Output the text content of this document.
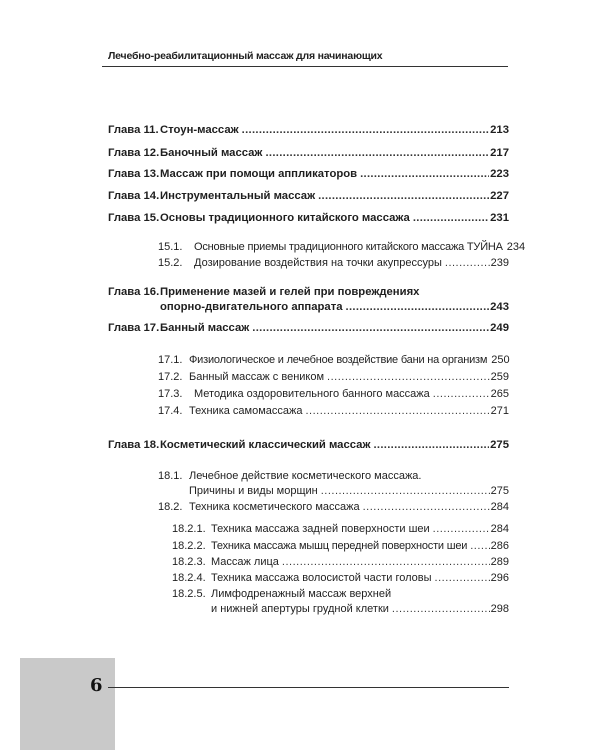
Лечебно-реабилитационный массаж для начинающих
Глава 11. Стоун-массаж .....	213
Глава 12. Баночный массаж .....	217
Глава 13. Массаж при помощи аппликаторов .....	223
Глава 14. Инструментальный массаж .....	227
Глава 15. Основы традиционного китайского массажа .....	231
15.1.	Основные приемы традиционного китайского массажа ТУЙНА 234
15.2.	Дозирование воздействия на точки акупрессуры .....	239
Глава 16. Применение мазей и гелей при повреждениях
опорно-двигательного аппарата .....	243
Глава 17. Банный массаж .....	249
17.1. Физиологическое и лечебное воздействие бани на организм 250
17.2. Банный массаж с веником .....	259
17.3.	Методика оздоровительного банного массажа .....	265
17.4. Техника самомассажа .....	271
Глава 18. Косметический классический массаж .....	275
18.1. Лечебное действие косметического массажа.
Причины и виды морщин .....	275
18.2. Техника косметического массажа .....	284
18.2.1. Техника массажа задней поверхности шеи .....	284
18.2.2. Техника массажа мышц передней поверхности шеи ..... 286
18.2.3. Массаж лица .....	289
18.2.4. Техника массажа волосистой части головы .....	296
18.2.5. Лимфодренажный массаж верхней
и нижней апертуры грудной клетки .....	298
6
